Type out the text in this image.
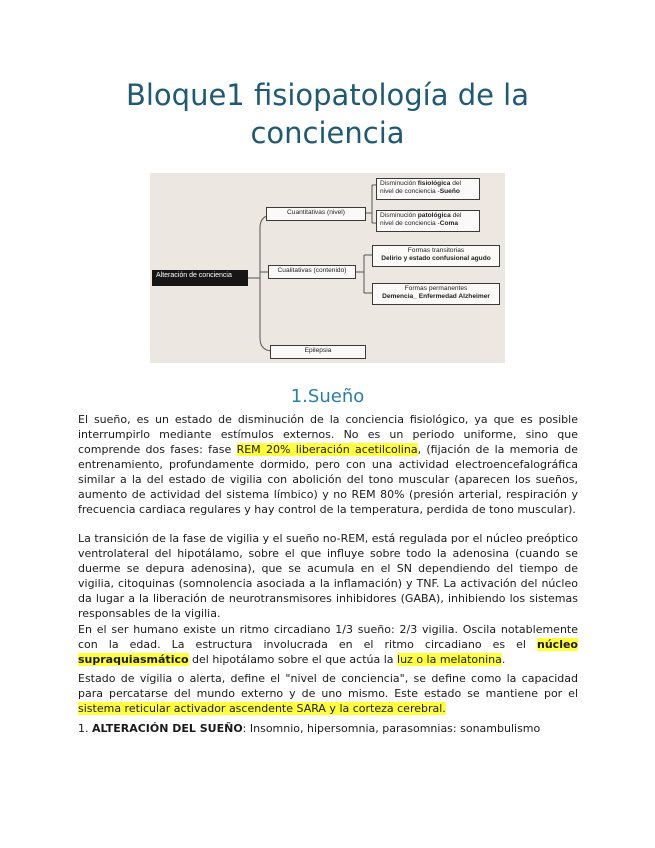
Bloque1 fisiopatología de la
conciencia
Alteración de conciencia
Cuantitativas (nivel)
Cualitativas (contenido)
Epilepsia
Disminución fisiológica del nivel de conciencia -Sueño
Disminución patológica del nivel de conciencia -Coma
Formas transitorias
Delirio y estado confusional agudo
Formas permanentes
Demencia_ Enfermedad Alzheimer
1.Sueño

El sueño, es un estado de disminución de la conciencia fisiológico, ya que es posible interrumpirlo mediante estímulos externos. No es un periodo uniforme, sino que comprende dos fases: fase REM 20% liberación acetilcolina, (fijación de la memoria de entrenamiento, profundamente dormido, pero con una actividad electroencefalográfica similar a la del estado de vigilia con abolición del tono muscular (aparecen los sueños, aumento de actividad del sistema límbico) y no REM 80% (presión arterial, respiración y frecuencia cardiaca regulares y hay control de la temperatura, perdida de tono muscular).

La transición de la fase de vigilia y el sueño no-REM, está regulada por el núcleo preóptico ventrolateral del hipotálamo, sobre el que influye sobre todo la adenosina (cuando se duerme se depura adenosina), que se acumula en el SN dependiendo del tiempo de vigilia, citoquinas (somnolencia asociada a la inflamación) y TNF. La activación del núcleo da lugar a la liberación de neurotransmisores inhibidores (GABA), inhibiendo los sistemas responsables de la vigilia.

En el ser humano existe un ritmo circadiano 1/3 sueño: 2/3 vigilia. Oscila notablemente con la edad. La estructura involucrada en el ritmo circadiano es el núcleo supraquiasmático del hipotálamo sobre el que actúa la luz o la melatonina.

Estado de vigilia o alerta, define el "nivel de conciencia", se define como la capacidad para percatarse del mundo externo y de uno mismo. Este estado se mantiene por el sistema reticular activador ascendente SARA y la corteza cerebral.

1. ALTERACIÓN DEL SUEÑO: Insomnio, hipersomnia, parasomnias: sonambulismo
